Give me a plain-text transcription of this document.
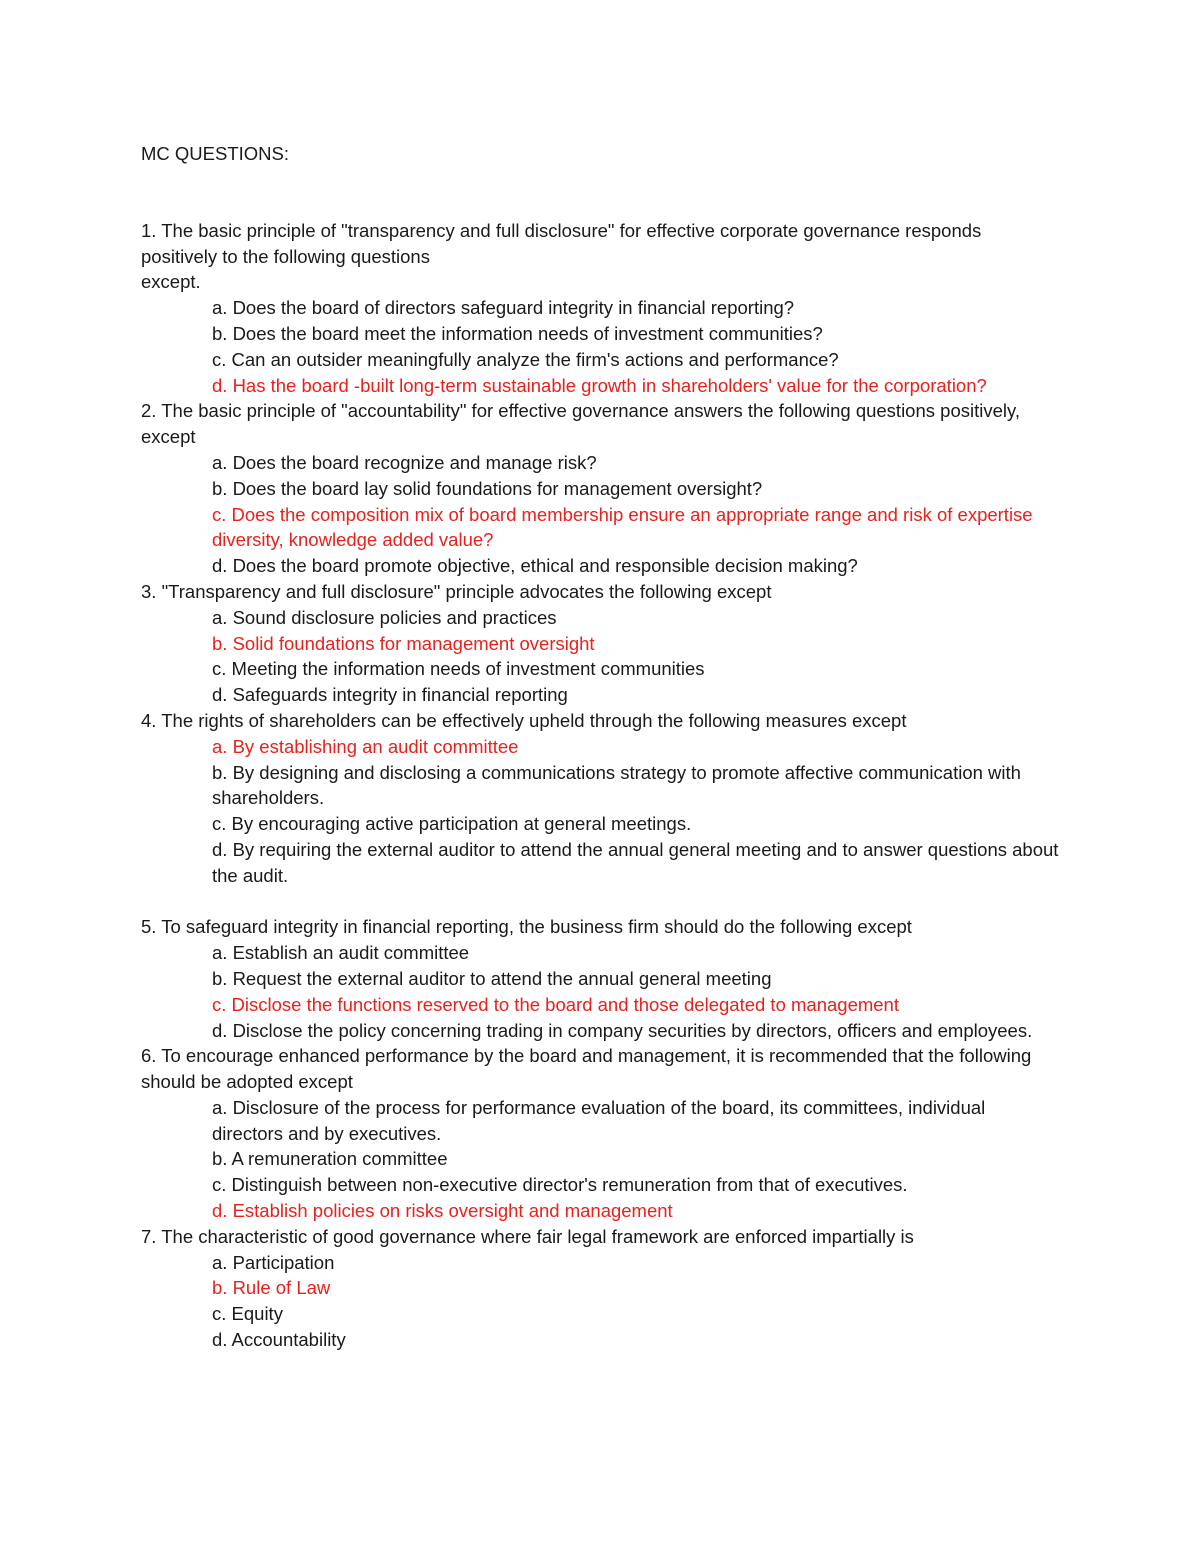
MC QUESTIONS:
1. The basic principle of "transparency and full disclosure" for effective corporate governance responds positively to the following questions
except.
a. Does the board of directors safeguard integrity in financial reporting?
b. Does the board meet the information needs of investment communities?
c. Can an outsider meaningfully analyze the firm's actions and performance?
d. Has the board -built long-term sustainable growth in shareholders' value for the corporation?
2. The basic principle of "accountability" for effective governance answers the following questions positively, except
a. Does the board recognize and manage risk?
b. Does the board lay solid foundations for management oversight?
c. Does the composition mix of board membership ensure an appropriate range and risk of expertise diversity, knowledge added value?
d. Does the board promote objective, ethical and responsible decision making?
3. "Transparency and full disclosure" principle advocates the following except
a. Sound disclosure policies and practices
b. Solid foundations for management oversight
c. Meeting the information needs of investment communities
d. Safeguards integrity in financial reporting
4. The rights of shareholders can be effectively upheld through the following measures except
a. By establishing an audit committee
b. By designing and disclosing a communications strategy to promote affective communication with shareholders.
c. By encouraging active participation at general meetings.
d. By requiring the external auditor to attend the annual general meeting and to answer questions about the audit.
5. To safeguard integrity in financial reporting, the business firm should do the following except
a. Establish an audit committee
b. Request the external auditor to attend the annual general meeting
c. Disclose the functions reserved to the board and those delegated to management
d. Disclose the policy concerning trading in company securities by directors, officers and employees.
6. To encourage enhanced performance by the board and management, it is recommended that the following should be adopted except
a. Disclosure of the process for performance evaluation of the board, its committees, individual directors and by executives.
b. A remuneration committee
c. Distinguish between non-executive director's remuneration from that of executives.
d. Establish policies on risks oversight and management
7. The characteristic of good governance where fair legal framework are enforced impartially is
a. Participation
b. Rule of Law
c. Equity
d. Accountability
